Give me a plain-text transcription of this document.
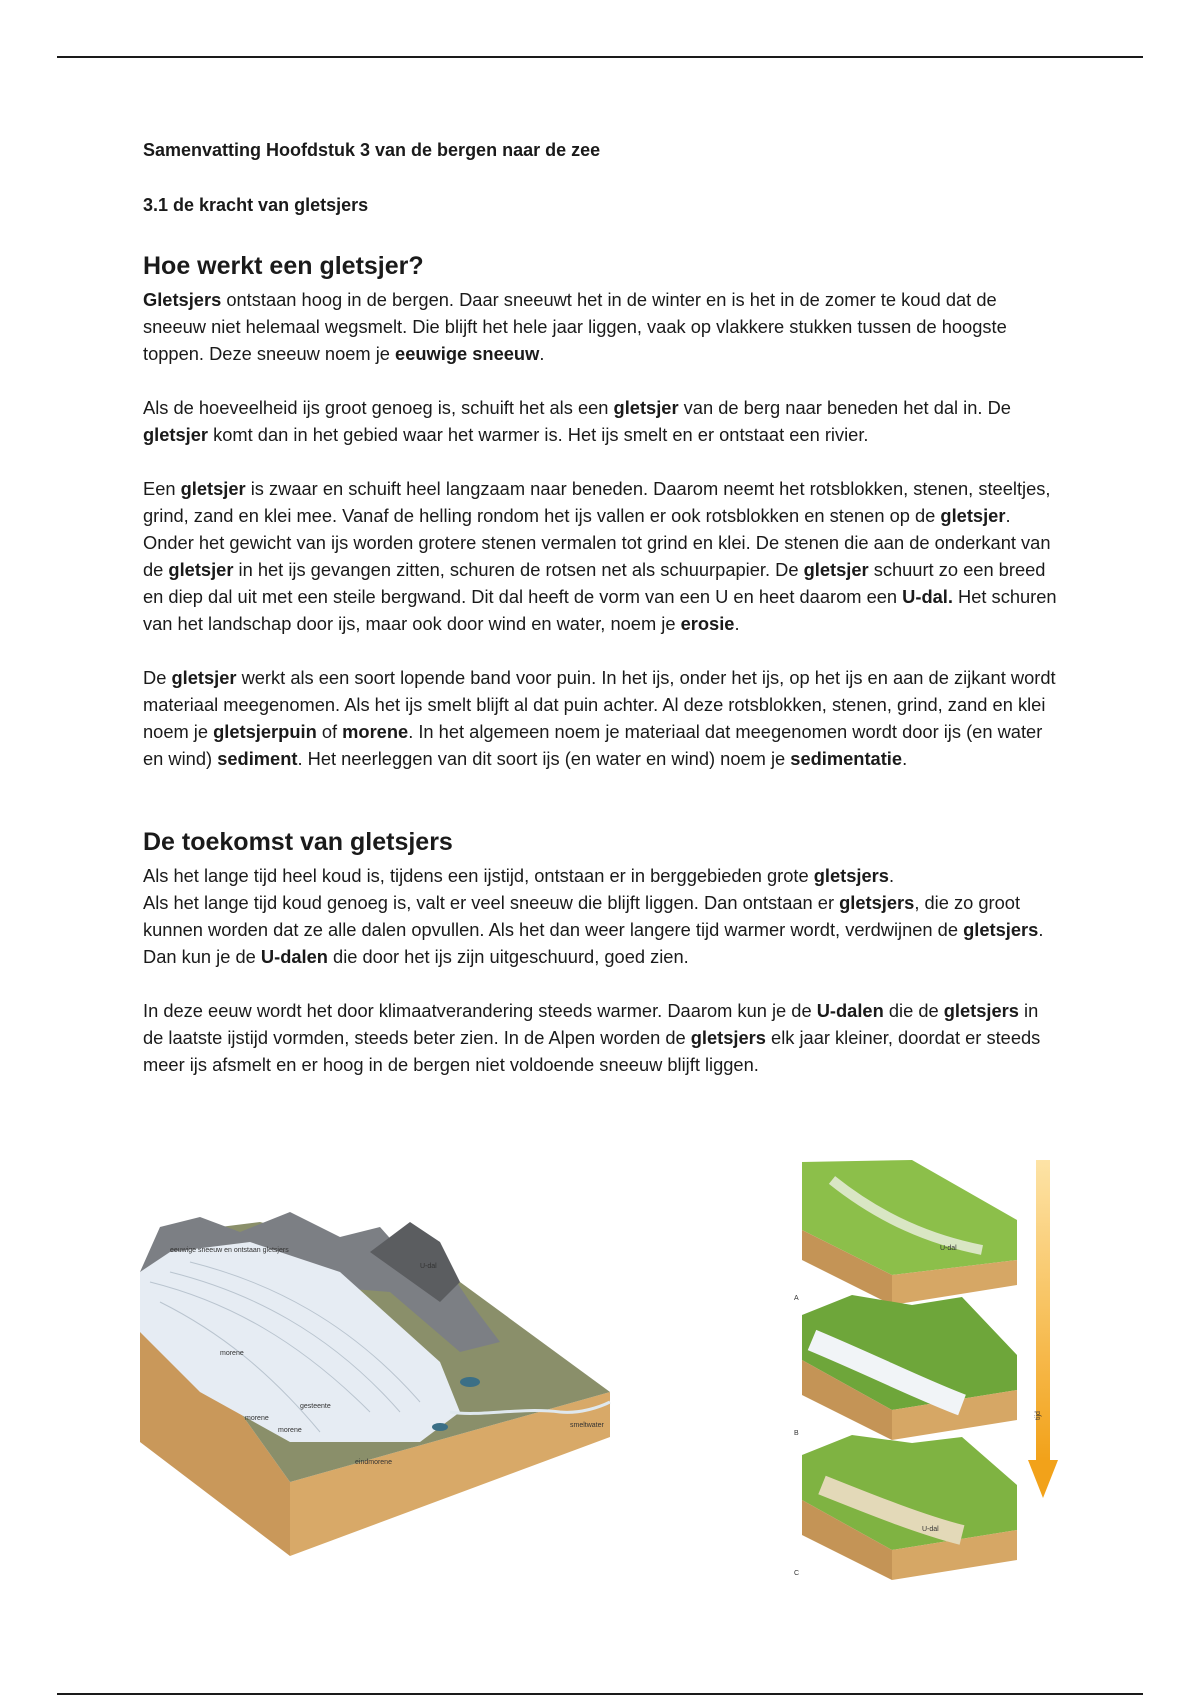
Samenvatting Hoofdstuk 3 van de bergen naar de zee
3.1 de kracht van gletsjers
Hoe werkt een gletsjer?

Gletsjers ontstaan hoog in de bergen. Daar sneeuwt het in de winter en is het in de zomer te koud dat de sneeuw niet helemaal wegsmelt. Die blijft het hele jaar liggen, vaak op vlakkere stukken tussen de hoogste toppen. Deze sneeuw noem je eeuwige sneeuw.

Als de hoeveelheid ijs groot genoeg is, schuift het als een gletsjer van de berg naar beneden het dal in. De gletsjer komt dan in het gebied waar het warmer is. Het ijs smelt en er ontstaat een rivier.

Een gletsjer is zwaar en schuift heel langzaam naar beneden. Daarom neemt het rotsblokken, stenen, steeltjes, grind, zand en klei mee. Vanaf de helling rondom het ijs vallen er ook rotsblokken en stenen op de gletsjer. Onder het gewicht van ijs worden grotere stenen vermalen tot grind en klei. De stenen die aan de onderkant van de gletsjer in het ijs gevangen zitten, schuren de rotsen net als schuurpapier. De gletsjer schuurt zo een breed en diep dal uit met een steile bergwand. Dit dal heeft de vorm van een U en heet daarom een U-dal. Het schuren van het landschap door ijs, maar ook door wind en water, noem je erosie.

De gletsjer werkt als een soort lopende band voor puin. In het ijs, onder het ijs, op het ijs en aan de zijkant wordt materiaal meegenomen. Als het ijs smelt blijft al dat puin achter. Al deze rotsblokken, stenen, grind, zand en klei noem je gletsjerpuin of morene. In het algemeen noem je materiaal dat meegenomen wordt door ijs (en water en wind) sediment. Het neerleggen van dit soort ijs (en water en wind) noem je sedimentatie.

De toekomst van gletsjers

Als het lange tijd heel koud is, tijdens een ijstijd, ontstaan er in berggebieden grote gletsjers.
Als het lange tijd koud genoeg is, valt er veel sneeuw die blijft liggen. Dan ontstaan er gletsjers, die zo groot kunnen worden dat ze alle dalen opvullen. Als het dan weer langere tijd warmer wordt, verdwijnen de gletsjers. Dan kun je de U-dalen die door het ijs zijn uitgeschuurd, goed zien.

In deze eeuw wordt het door klimaatverandering steeds warmer. Daarom kun je de U-dalen die de gletsjers in de laatste ijstijd vormden, steeds beter zien. In de Alpen worden de gletsjers elk jaar kleiner, doordat er steeds meer ijs afsmelt en er hoog in de bergen niet voldoende sneeuw blijft liggen.

eeuwige sneeuw en ontstaan gletsjers
U-dal
morene
gesteente
morene
morene
smeltwater
eindmorene
U-dal
A
B
U-dal
C
tijd
